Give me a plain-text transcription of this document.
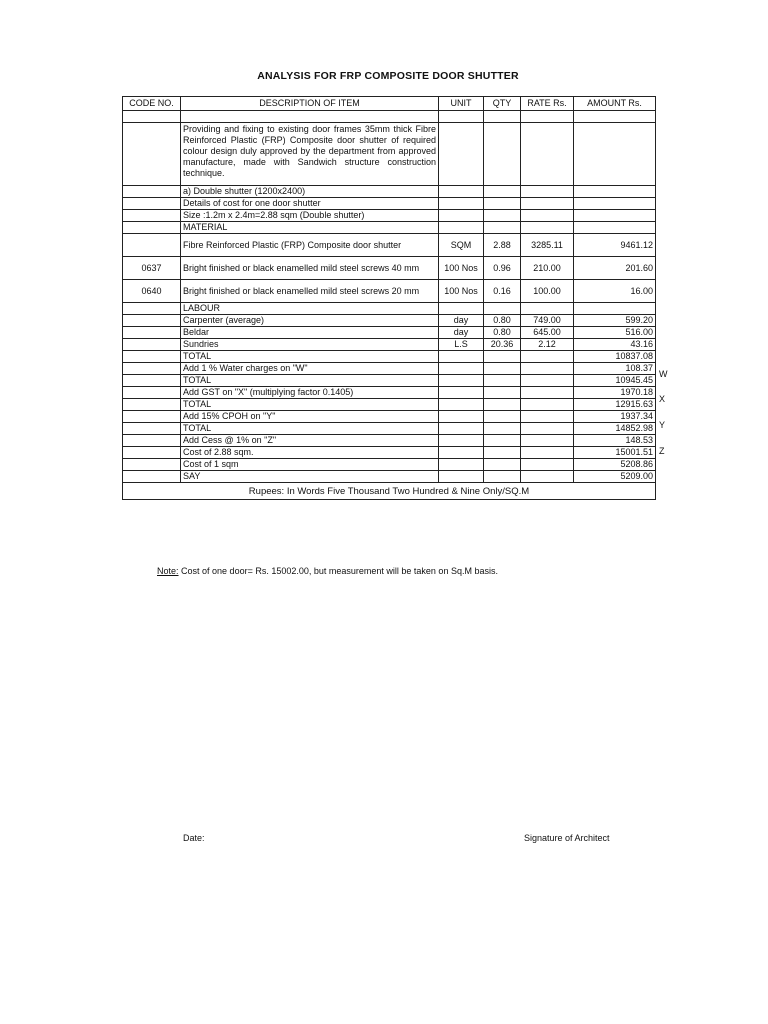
ANALYSIS FOR FRP COMPOSITE DOOR SHUTTER
CODE NO.	DESCRIPTION OF ITEM	UNIT	QTY	RATE Rs.	AMOUNT Rs.

	Providing and fixing to existing door frames 35mm thick Fibre Reinforced Plastic (FRP) Composite door shutter of required colour design duly approved by the department from approved manufacture, made with Sandwich structure construction technique.				
	a) Double shutter (1200x2400)				
	Details of cost for one door shutter				
	Size :1.2m x 2.4m=2.88 sqm (Double shutter)				
	MATERIAL				
	Fibre Reinforced Plastic (FRP) Composite door shutter	SQM	2.88	3285.11	9461.12
0637	Bright finished or black enamelled mild steel screws 40 mm	100 Nos	0.96	210.00	201.60
0640	Bright finished or black enamelled mild steel screws 20 mm	100 Nos	0.16	100.00	16.00
	LABOUR				
	Carpenter (average)	day	0.80	749.00	599.20
	Beldar	day	0.80	645.00	516.00
	Sundries	L.S	20.36	2.12	43.16
	TOTAL				10837.08
	Add 1 % Water charges on "W"				108.37
	TOTAL				10945.45
	Add GST on "X" (multiplying factor 0.1405)				1970.18
	TOTAL				12915.63
	Add 15% CPOH on "Y"				1937.34
	TOTAL				14852.98
	Add Cess @ 1% on "Z"				148.53
	Cost of 2.88 sqm.				15001.51
	Cost of 1 sqm				5208.86
	SAY				5209.00
Rupees: In Words Five Thousand Two Hundred & Nine Only/SQ.M					
W
X
Y
Z
Note: Cost of one door= Rs. 15002.00, but measurement will be taken on Sq.M basis.
Date:	Signature of Architect
